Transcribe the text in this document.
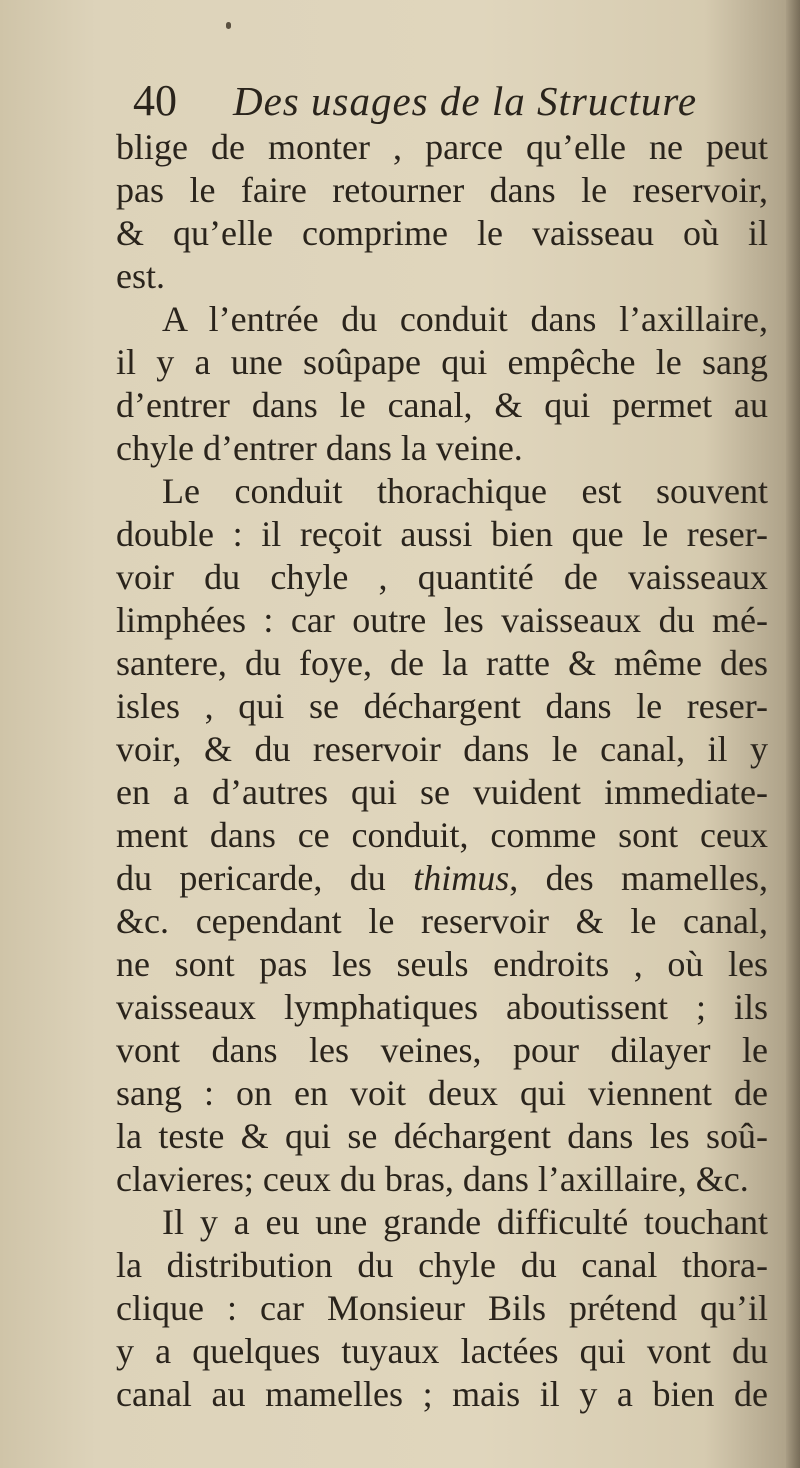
40 Des usages de la Structure
blige de monter , parce qu’elle ne peut
pas le faire retourner dans le reservoir,
& qu’elle comprime le vaisseau où il
est.
A l’entrée du conduit dans l’axillaire,
il y a une soûpape qui empêche le sang
d’entrer dans le canal, & qui permet au
chyle d’entrer dans la veine.
Le conduit thorachique est souvent
double : il reçoit aussi bien que le reser-
voir du chyle , quantité de vaisseaux
limphées : car outre les vaisseaux du mé-
santere, du foye, de la ratte & même des
isles , qui se déchargent dans le reser-
voir, & du reservoir dans le canal, il y
en a d’autres qui se vuident immediate-
ment dans ce conduit, comme sont ceux
du pericarde, du thimus, des mamelles,
&c. cependant le reservoir & le canal,
ne sont pas les seuls endroits , où les
vaisseaux lymphatiques aboutissent ; ils
vont dans les veines, pour dilayer le
sang : on en voit deux qui viennent de
la teste & qui se déchargent dans les soû-
clavieres; ceux du bras, dans l’axillaire, &c.
Il y a eu une grande difficulté touchant
la distribution du chyle du canal thora-
clique : car Monsieur Bils prétend qu’il
y a quelques tuyaux lactées qui vont du
canal au mamelles ; mais il y a bien de
